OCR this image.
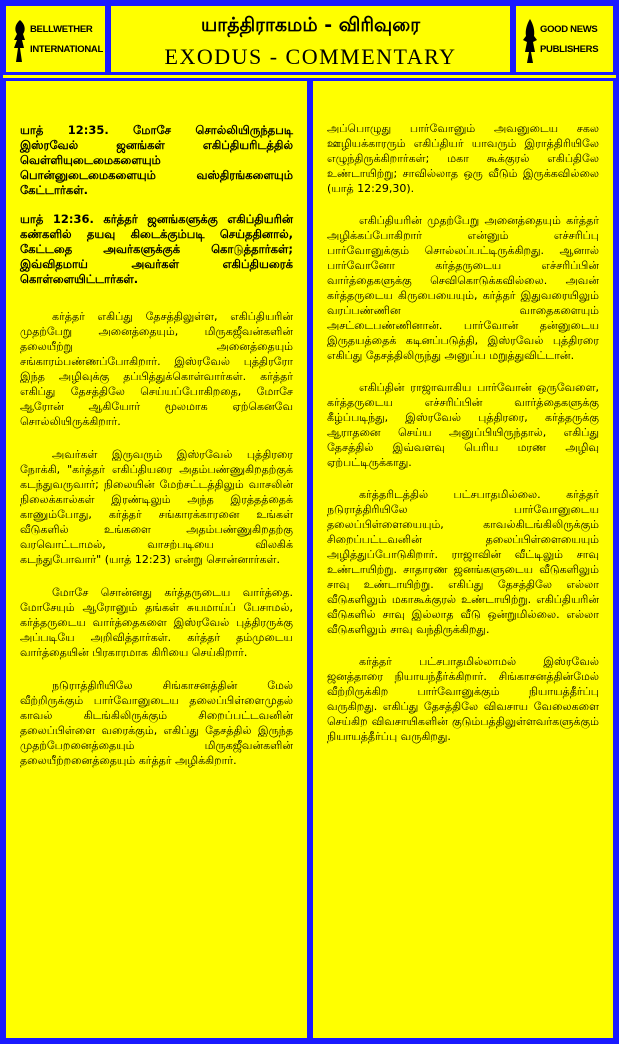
BELLWETHER
INTERNATIONAL
யாத்திராகமம் - விரிவுரை
EXODUS - COMMENTARY
GOOD NEWS
PUBLISHERS

யாத் 12:35. மோசே சொல்லியிருந்தபடி இஸ்ரவேல் ஜனங்கள் எகிப்தியரிடத்தில் வெள்ளியுடைமைகளையும் பொன்னுடைமைகளையும் வஸ்திரங்களையும் கேட்டார்கள்.

யாத் 12:36. கர்த்தர் ஜனங்களுக்கு எகிப்தியரின் கண்களில் தயவு கிடைக்கும்படி செய்ததினால், கேட்டதை அவர்களுக்குக் கொடுத்தார்கள்; இவ்விதமாய் அவர்கள் எகிப்தியரைக் கொள்ளையிட்டார்கள்.

கர்த்தர் எகிப்து தேசத்திலுள்ள, எகிப்தியரின் முதற்பேறு அனைத்தையும், மிருகஜீவன்களின் தலையீற்று அனைத்தையும் சங்காரம்பண்ணப்போகிறார். இஸ்ரவேல் புத்திரரோ இந்த அழிவுக்கு தப்பித்துக்கொள்வார்கள். கர்த்தர் எகிப்து தேசத்திலே செய்யப்போகிறதை, மோசே ஆரோன் ஆகியோர் மூலமாக ஏற்கெனவே சொல்லியிருக்கிறார்.

அவர்கள் இருவரும் இஸ்ரவேல் புத்திரரை நோக்கி, "கர்த்தர் எகிப்தியரை அதம்பண்ணுகிறதற்குக் கடந்துவருவார்; நிலையின் மேற்சட்டத்திலும் வாசலின் நிலைக்கால்கள் இரண்டிலும் அந்த இரத்தத்தைக் காணும்போது, கர்த்தர் சங்காரக்காரனை உங்கள் வீடுகளில் உங்களை அதம்பண்ணுகிறதற்கு வரவொட்டாமல், வாசற்படியை விலகிக் கடந்துபோவார்" (யாத் 12:23) என்று சொன்னார்கள்.

மோசே சொன்னது கர்த்தருடைய வார்த்தை. மோசேயும் ஆரோனும் தங்கள் சுயமாய்ப் பேசாமல், கர்த்தருடைய வார்த்தைகளை இஸ்ரவேல் புத்திரருக்கு அப்படியே அறிவித்தார்கள். கர்த்தர் தம்முடைய வார்த்தையின் பிரகாரமாக கிரியை செய்கிறார்.

நடுராத்திரியிலே சிங்காசனத்தின் மேல் வீற்றிருக்கும் பார்வோனுடைய தலைப்பிள்ளைமுதல் காவல் கிடங்கிலிருக்கும் சிறைப்பட்டவனின் தலைப்பிள்ளை வரைக்கும், எகிப்து தேசத்தில் இருந்த முதற்பேறனைத்தையும் மிருகஜீவன்களின் தலையீற்றனைத்தையும் கர்த்தர் அழிக்கிறார்.

அப்பொழுது பார்வோனும் அவனுடைய சகல ஊழியக்காரரும் எகிப்தியர் யாவரும் இராத்திரியிலே எழுந்திருக்கிறார்கள்; மகா கூக்குரல் எகிப்திலே உண்டாயிற்று; சாவில்லாத ஒரு வீடும் இருக்கவில்லை (யாத் 12:29,30).

எகிப்தியரின் முதற்பேறு அனைத்தையும் கர்த்தர் அழிக்கப்போகிறார் என்னும் எச்சரிப்பு பார்வோனுக்கும் சொல்லப்பட்டிருக்கிறது. ஆனால் பார்வோனோ கர்த்தருடைய எச்சரிப்பின் வார்த்தைகளுக்கு செவிகொடுக்கவில்லை. அவன் கர்த்தருடைய கிருபையையும், கர்த்தர் இதுவரையிலும் வரப்பண்ணின வாதைகளையும் அசட்டைபண்ணினான். பார்வோன் தன்னுடைய இருதயத்தைக் கடினப்படுத்தி, இஸ்ரவேல் புத்திரரை எகிப்து தேசத்திலிருந்து அனுப்ப மறுத்துவிட்டான்.

எகிப்தின் ராஜாவாகிய பார்வோன் ஒருவேளை, கர்த்தருடைய எச்சரிப்பின் வார்த்தைகளுக்கு கீழ்ப்படிந்து, இஸ்ரவேல் புத்திரரை, கர்த்தருக்கு ஆராதனை செய்ய அனுப்பியிருந்தால், எகிப்து தேசத்தில் இவ்வளவு பெரிய மரண அழிவு ஏற்பட்டிருக்காது.

கர்த்தரிடத்தில் பட்சபாதமில்லை. கர்த்தர் நடுராத்திரியிலே பார்வோனுடைய தலைப்பிள்ளையையும், காவல்கிடங்கிலிருக்கும் சிறைப்பட்டவனின் தலைப்பிள்ளையையும் அழித்துப்போடுகிறார். ராஜாவின் வீட்டிலும் சாவு உண்டாயிற்று. சாதாரண ஜனங்களுடைய வீடுகளிலும் சாவு உண்டாயிற்று. எகிப்து தேசத்திலே எல்லா வீடுகளிலும் மகாகூக்குரல் உண்டாயிற்று. எகிப்தியரின் வீடுகளில் சாவு இல்லாத வீடு ஒன்றுமில்லை. எல்லா வீடுகளிலும் சாவு வந்திருக்கிறது.

கர்த்தர் பட்சபாதமில்லாமல் இஸ்ரவேல் ஜனத்தாரை நியாயந்தீர்க்கிறார். சிங்காசனத்தின்மேல் வீற்றிருக்கிற பார்வோனுக்கும் நியாயத்தீர்ப்பு வருகிறது. எகிப்து தேசத்திலே விவசாய வேலைகளை செய்கிற விவசாயிகளின் குடும்பத்திலுள்ளவர்களுக்கும் நியாயத்தீர்ப்பு வருகிறது.
